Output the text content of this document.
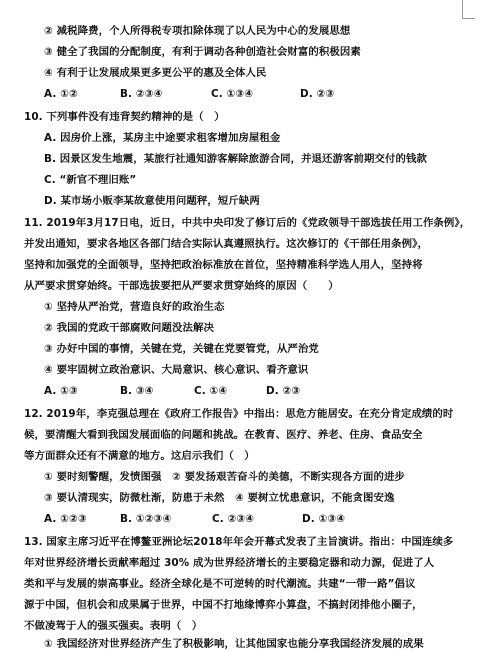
② 减税降费，个人所得税专项扣除体现了以人民为中心的发展思想
③ 健全了我国的分配制度，有利于调动各种创造社会财富的积极因素
④ 有利于让发展成果更多更公平的惠及全体人民
A. ①②	B. ②③④	C. ①③④	D. ②③
10. 下列事件没有违背契约精神的是（　）
A. 因房价上涨，某房主中途要求租客增加房屋租金
B. 因景区发生地震，某旅行社通知游客解除旅游合同，并退还游客前期交付的钱款
C. “新官不理旧账”
D. 某市场小贩李某故意使用问题秤，短斤缺两
11. 2019年3月17日电，近日，中共中央印发了修订后的《党政领导干部选拔任用工作条例》，
并发出通知，要求各地区各部门结合实际认真遵照执行。这次修订的《干部任用条例》，
坚持和加强党的全面领导，坚持把政治标准放在首位，坚持精准科学选人用人，坚持将
从严要求贯穿始终。干部选拔要把从严要求贯穿始终的原因（　　）
① 坚持从严治党，营造良好的政治生态
② 我国的党政干部腐败问题没法解决
③ 办好中国的事情，关键在党，关键在党要管党，从严治党
④ 要牢固树立政治意识、大局意识、核心意识、看齐意识
A. ①③	B. ③④	C. ①④	D. ②③
12. 2019年，李克强总理在《政府工作报告》中指出：思危方能居安。在充分肯定成绩的时
候，要清醒大看到我国发展面临的问题和挑战。在教育、医疗、养老、住房、食品安全
等方面群众还有不满意的地方。这启示我们（　）
① 要时刻警醒，发愤图强　② 要发扬艰苦奋斗的美德，不断实现各方面的进步
③ 要认清现实，防微杜渐，防患于未然　④ 要树立忧患意识，不能贪图安逸
A. ①②③	B. ①②③④	C. ②③④	D. ①③④
13. 国家主席习近平在博鳌亚洲论坛2018年年会开幕式发表了主旨演讲。指出：中国连续多
年对世界经济增长贡献率超过 30% 成为世界经济增长的主要稳定器和动力源，促进了人
类和平与发展的崇高事业。经济全球化是不可逆转的时代潮流。共建“一带一路”倡议
源于中国，但机会和成果属于世界，中国不打地缘博弈小算盘，不搞封闭排他小圈子，
不做凌驾于人的强买强卖。表明（　）
① 我国经济对世界经济产生了积极影响，让其他国家也能分享我国经济发展的成果
